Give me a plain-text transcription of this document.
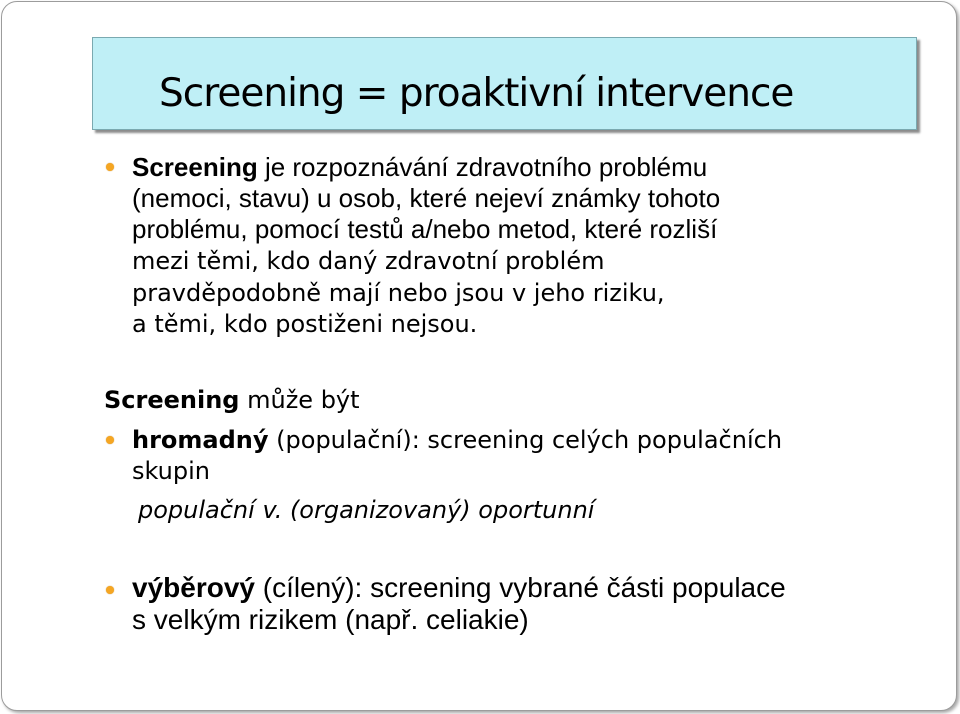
Screening = proaktivní intervence

Screening je rozpoznávání zdravotního problému

(nemoci, stavu) u osob, které nejeví známky tohoto

problému, pomocí testů a/nebo metod, které rozliší

mezi těmi, kdo daný zdravotní problém

pravděpodobně mají nebo jsou v jeho riziku,

a těmi, kdo postiženi nejsou.

Screening může být

hromadný (populační): screening celých populačních

skupin

populační v. (organizovaný) oportunní

výběrový (cílený): screening vybrané části populace

s velkým rizikem (např. celiakie)
